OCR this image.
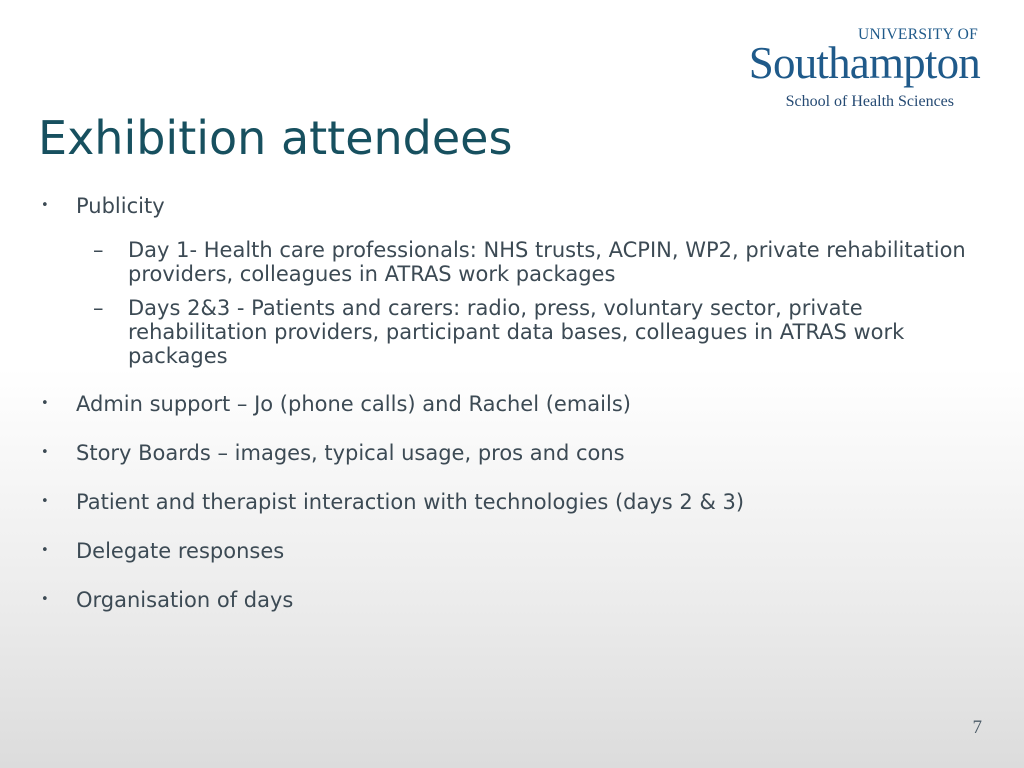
UNIVERSITY OF
Southampton
School of Health Sciences
Exhibition attendees
•	Publicity
–	Day 1- Health care professionals: NHS trusts, ACPIN, WP2, private rehabilitation providers, colleagues in ATRAS work packages
–	Days 2&3 - Patients and carers: radio, press, voluntary sector, private rehabilitation providers, participant data bases, colleagues in ATRAS work packages
•	Admin support – Jo (phone calls) and Rachel (emails)
•	Story Boards – images, typical usage, pros and cons
•	Patient and therapist interaction with technologies (days 2 & 3)
•	Delegate responses
•	Organisation of days
7
